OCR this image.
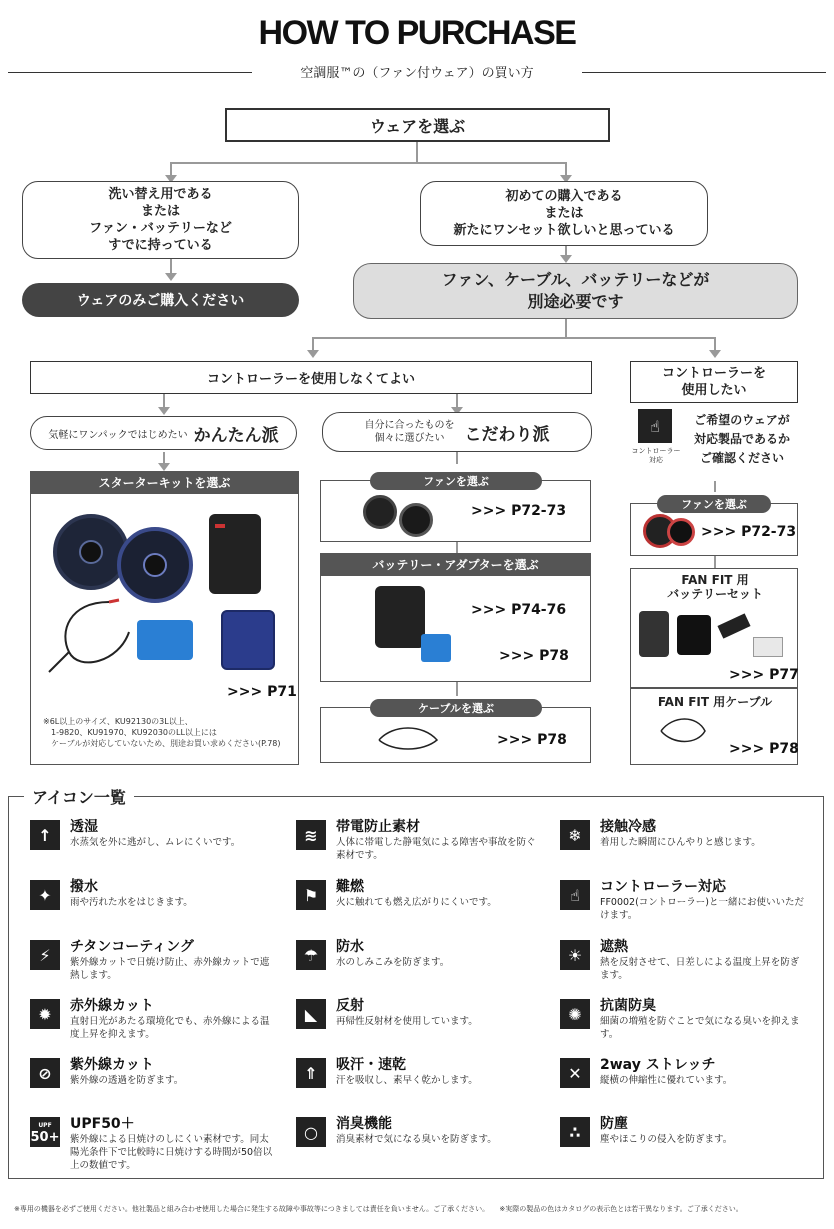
HOW TO PURCHASE
空調服™の（ファン付ウェア）の買い方
ウェアを選ぶ
洗い替え用である
または
ファン・バッテリーなど
すでに持っている
ウェアのみご購入ください
初めての購入である
または
新たにワンセット欲しいと思っている
ファン、ケーブル、バッテリーなどが
別途必要です
コントローラーを使用しなくてよい	コントローラーを
使用したい
気軽にワンパックではじめたい かんたん派	自分に合ったものを
個々に選びたい	こだわり派	☝
コントローラー
対応
ご希望のウェアが
対応製品であるか
ご確認ください
スターターキットを選ぶ
>>> P71
※6L以上のサイズ、KU92130の3L以上、
1-9820、KU91970、KU92030のLL以上には
ケーブルが対応していないため、別途お買い求めください(P.78)
>>> P72-73
ファンを選ぶ
バッテリー・アダプターを選ぶ
>>> P74-76
>>> P78
>>> P78
ケーブルを選ぶ
>>> P72-73
ファンを選ぶ
FAN FIT 用
バッテリーセット
>>> P77
FAN FIT 用ケーブル
>>> P78
アイコン一覧
↑	透湿
水蒸気を外に逃がし、ムレにくいです。	≋	帯電防止素材
人体に帯電した静電気による障害や事故を防ぐ素材です。
❄	接触冷感
着用した瞬間にひんやりと感じます。
✦	撥水
雨や汚れた水をはじきます。	⚑	難燃
火に触れても燃え広がりにくいです。	☝	コントローラー対応
FF0002(コントローラー)と一緒にお使いいただけます。
⚡	チタンコーティング
紫外線カットで日焼け防止、赤外線カットで遮熱します。
☂	防水
水のしみこみを防ぎます。	☀	遮熱
熱を反射させて、日差しによる温度上昇を防ぎます。
✹	赤外線カット
直射日光があたる環境化でも、赤外線による温度上昇を抑えます。
◣	反射
再帰性反射材を使用しています。	✺	抗菌防臭
細菌の増殖を防ぐことで気になる臭いを抑えます。
⊘	紫外線カット
紫外線の透過を防ぎます。	⇑	吸汗・速乾
汗を吸収し、素早く乾かします。	✕	2way ストレッチ
縦横の伸縮性に優れています。
UPF
50+
UPF50＋
紫外線による日焼けのしにくい素材です。同太陽光条件下で比較時に日焼けする時間が50倍以上の数値です。
○	消臭機能
消臭素材で気になる臭いを防ぎます。	∴	防塵
塵やほこりの侵入を防ぎます。
※専用の機器を必ずご使用ください。他社製品と組み合わせ使用した場合に発生する故障や事故等につきましては責任を負いません。ご了承ください。 ※実際の製品の色はカタログの表示色とは若干異なります。ご了承ください。
